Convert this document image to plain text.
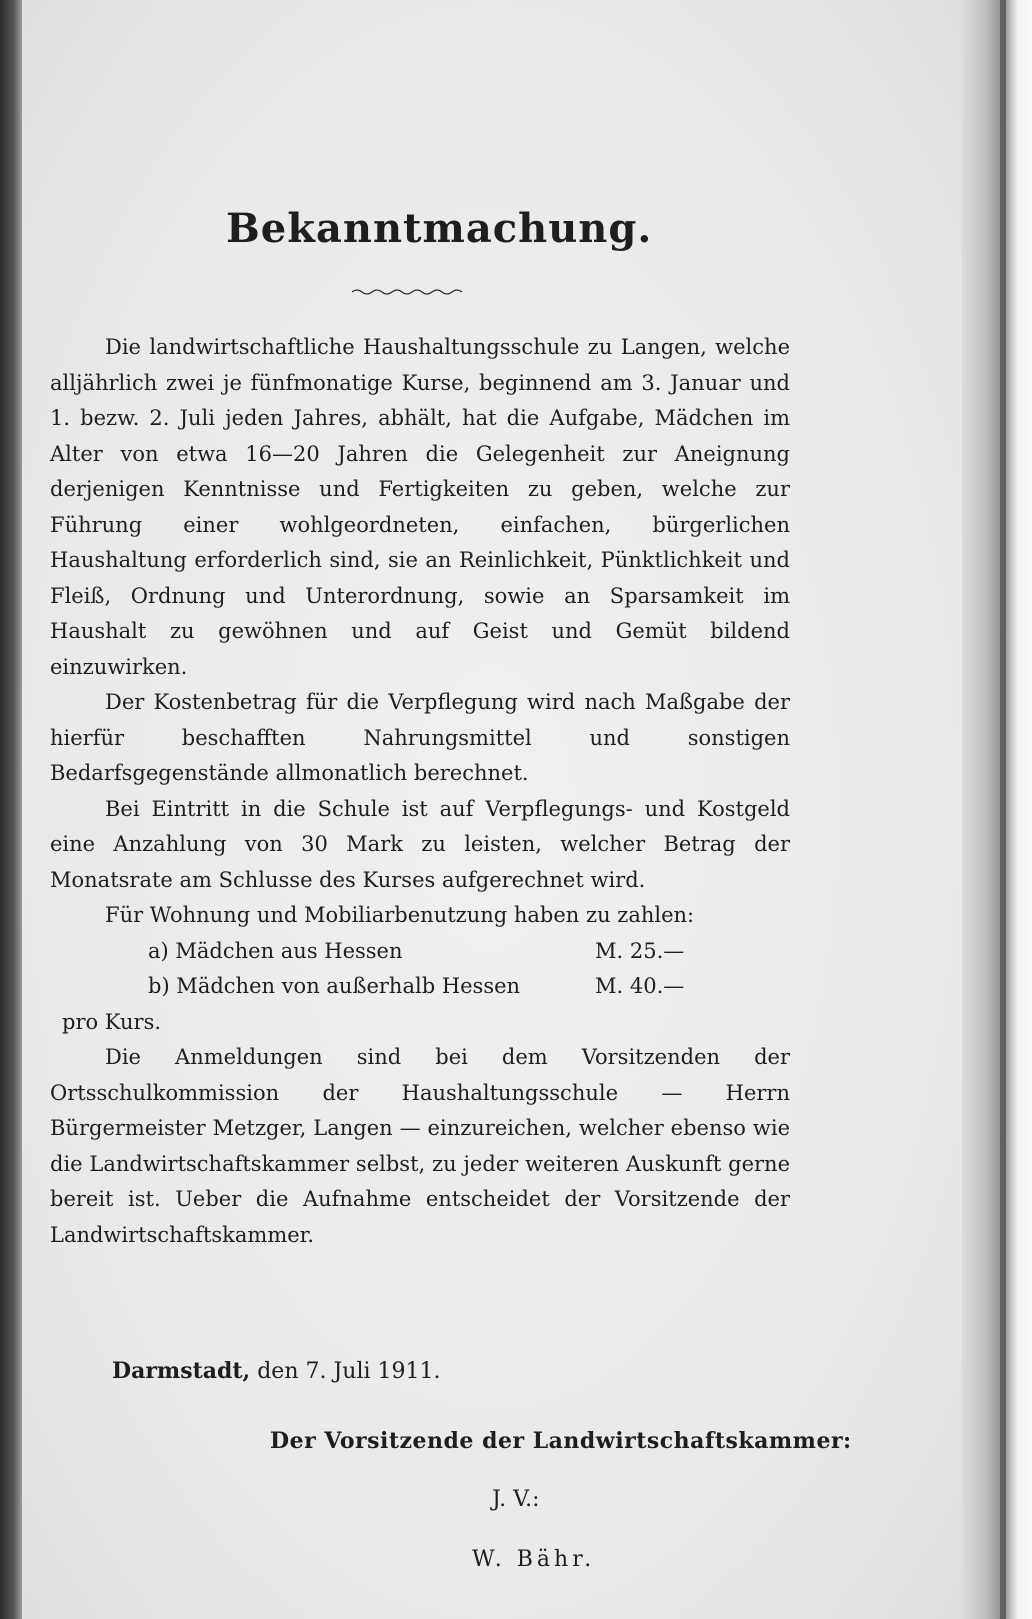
Bekanntmachung.

Die landwirtschaftliche Haushaltungsschule zu Langen, welche alljährlich zwei je fünfmonatige Kurse, beginnend am 3. Januar und 1. bezw. 2. Juli jeden Jahres, abhält, hat die Aufgabe, Mädchen im Alter von etwa 16—20 Jahren die Gelegenheit zur Aneignung derjenigen Kenntnisse und Fertigkeiten zu geben, welche zur Führung einer wohlgeordneten, einfachen, bürgerlichen Haushaltung erforderlich sind, sie an Reinlichkeit, Pünktlichkeit und Fleiß, Ordnung und Unterordnung, sowie an Sparsamkeit im Haushalt zu gewöhnen und auf Geist und Gemüt bildend einzuwirken.

Der Kostenbetrag für die Verpflegung wird nach Maßgabe der hierfür beschafften Nahrungsmittel und sonstigen Bedarfsgegenstände allmonatlich berechnet.

Bei Eintritt in die Schule ist auf Verpflegungs- und Kostgeld eine Anzahlung von 30 Mark zu leisten, welcher Betrag der Monatsrate am Schlusse des Kurses aufgerechnet wird.

Für Wohnung und Mobiliarbenutzung haben zu zahlen:

a) Mädchen aus Hessen	M. 25.—
b) Mädchen von außerhalb Hessen	M. 40.—

pro Kurs.

Die Anmeldungen sind bei dem Vorsitzenden der Ortsschulkommission der Haushaltungsschule — Herrn Bürgermeister Metzger, Langen — einzureichen, welcher ebenso wie die Landwirtschaftskammer selbst, zu jeder weiteren Auskunft gerne bereit ist. Ueber die Aufnahme entscheidet der Vorsitzende der Landwirtschaftskammer.

Darmstadt, den 7. Juli 1911.
Der Vorsitzende der Landwirtschaftskammer:
J. V.:
W. Bähr.
